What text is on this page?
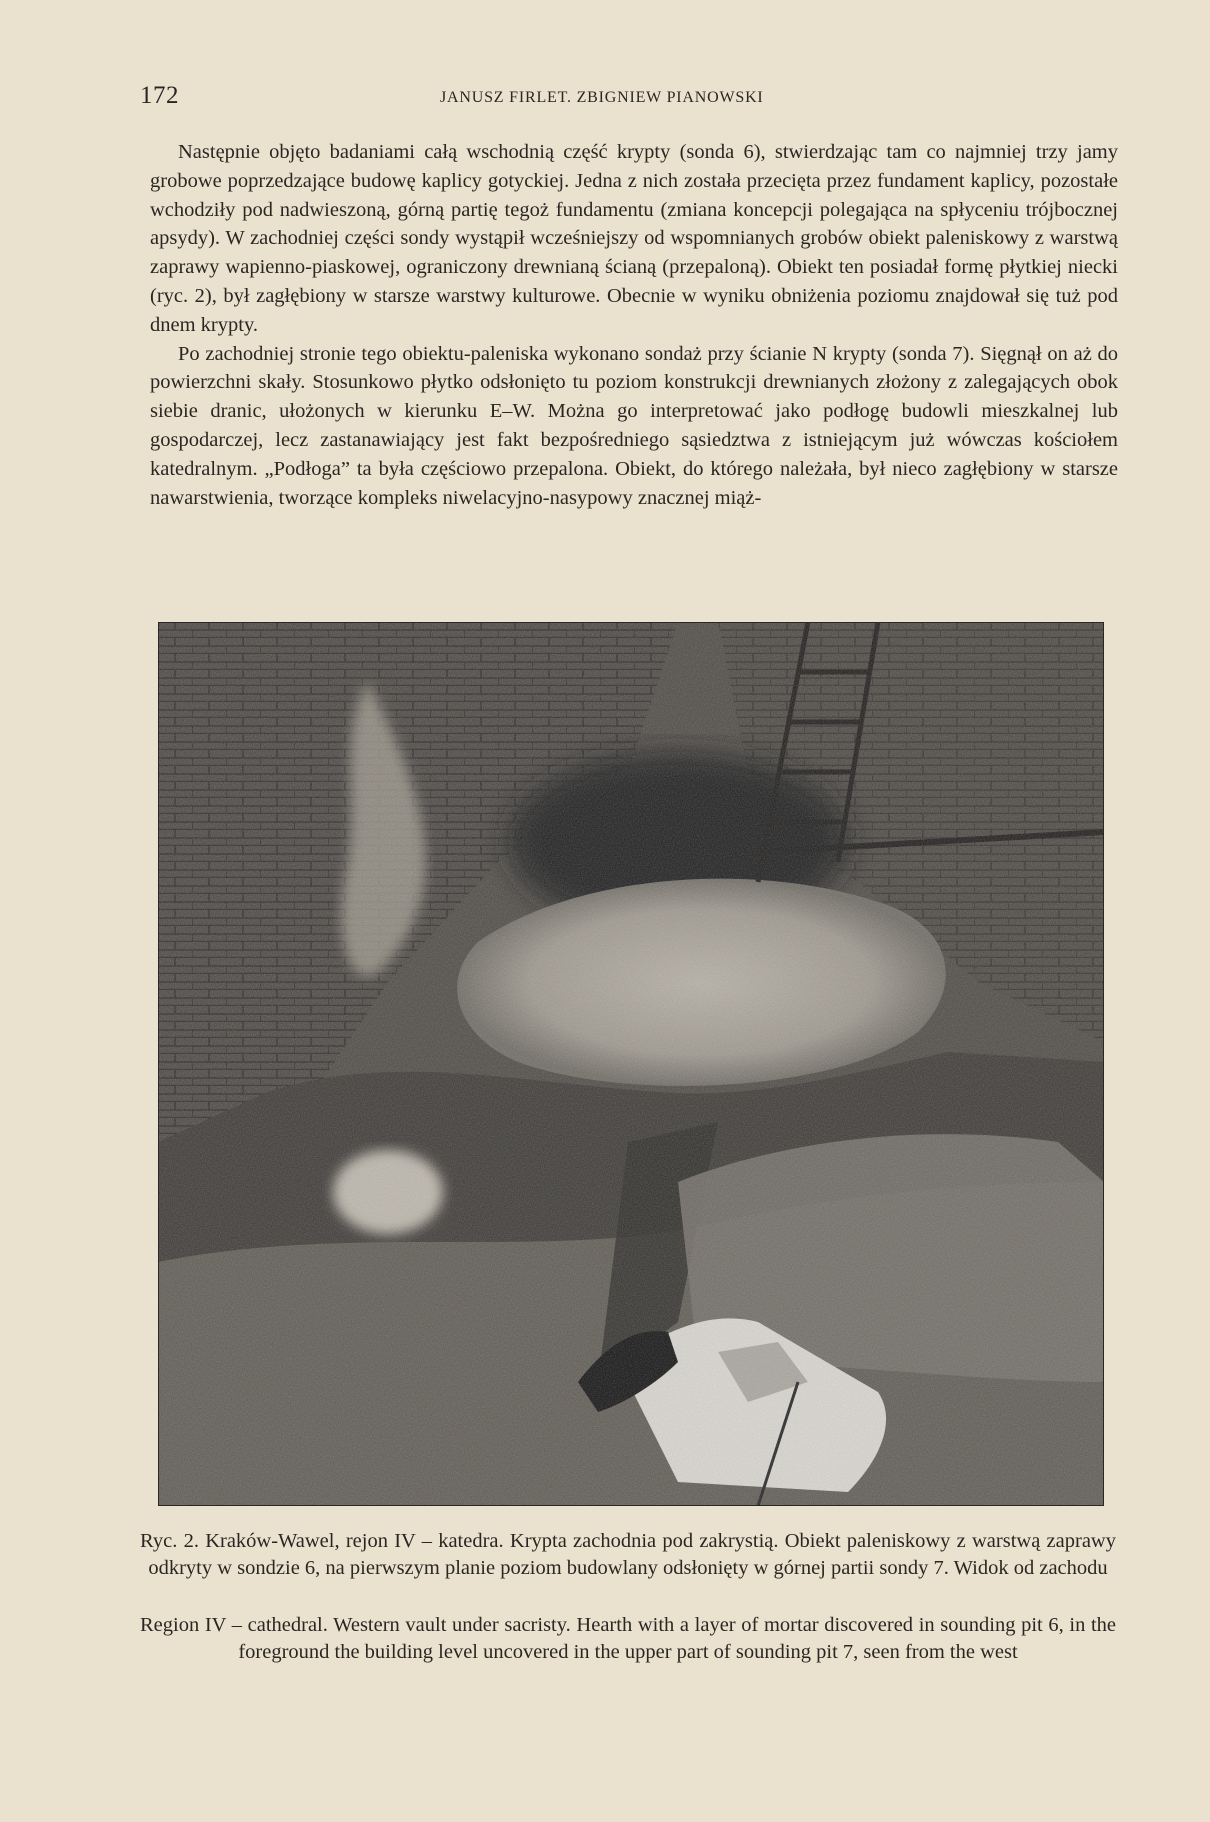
172	JANUSZ FIRLET. ZBIGNIEW PIANOWSKI

Następnie objęto badaniami całą wschodnią część krypty (sonda 6), stwierdzając tam co najmniej trzy jamy grobowe poprzedzające budowę kaplicy gotyckiej. Jedna z nich została przecięta przez fundament kaplicy, pozostałe wchodziły pod nadwieszoną, górną partię tegoż fundamentu (zmiana koncepcji polegająca na spłyceniu trójbocznej apsydy). W zachodniej części sondy wystąpił wcześniejszy od wspomnianych grobów obiekt paleniskowy z warstwą zaprawy wapienno-piaskowej, ograniczony drewnianą ścianą (przepaloną). Obiekt ten posiadał formę płytkiej niecki (ryc. 2), był zagłębiony w starsze warstwy kulturowe. Obecnie w wyniku obniżenia poziomu znajdował się tuż pod dnem krypty.

Po zachodniej stronie tego obiektu-paleniska wykonano sondaż przy ścianie N krypty (sonda 7). Sięgnął on aż do powierzchni skały. Stosunkowo płytko odsłonięto tu poziom konstrukcji drewnianych złożony z zalegających obok siebie dranic, ułożonych w kierunku E–W. Można go interpretować jako podłogę budowli mieszkalnej lub gospodarczej, lecz zastanawiający jest fakt bezpośredniego sąsiedztwa z istniejącym już wówczas kościołem katedralnym. „Podłoga” ta była częściowo przepalona. Obiekt, do którego należała, był nieco zagłębiony w starsze nawarstwienia, tworzące kompleks niwelacyjno-nasypowy znacznej miąż-

Ryc. 2. Kraków-Wawel, rejon IV – katedra. Krypta zachodnia pod zakrystią. Obiekt paleniskowy z warstwą zaprawy odkryty w sondzie 6, na pierwszym planie poziom budowlany odsłonięty w górnej partii sondy 7. Widok od zachodu
Region IV – cathedral. Western vault under sacristy. Hearth with a layer of mortar discovered in sounding pit 6, in the foreground the building level uncovered in the upper part of sounding pit 7, seen from the west
